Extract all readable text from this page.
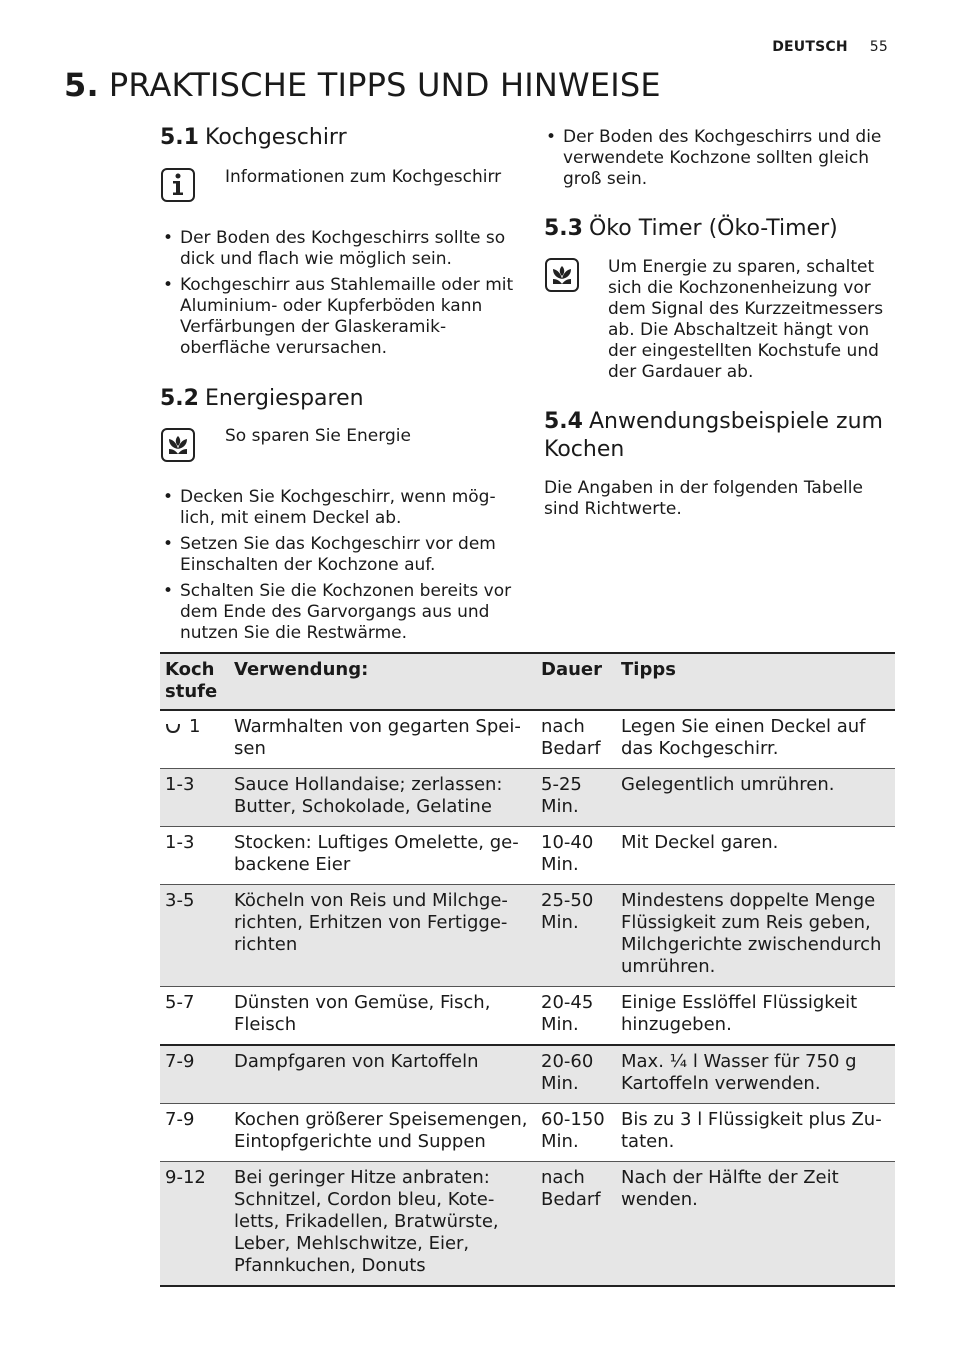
DEUTSCH 55
5. PRAKTISCHE TIPPS UND HINWEISE
5.1 Kochgeschirr
Informationen zum Kochgeschirr
• Der Boden des Kochgeschirrs sollte so dick und flach wie möglich sein.
• Kochgeschirr aus Stahlemaille oder mit Aluminium- oder Kupferböden kann Verfärbungen der Glaskeramikoberfläche verursachen.
5.2 Energiesparen
So sparen Sie Energie
• Decken Sie Kochgeschirr, wenn möglich, mit einem Deckel ab.
• Setzen Sie das Kochgeschirr vor dem Einschalten der Kochzone auf.
• Schalten Sie die Kochzonen bereits vor dem Ende des Garvorgangs aus und nutzen Sie die Restwärme.
• Der Boden des Kochgeschirrs und die verwendete Kochzone sollten gleich groß sein.
5.3 Öko Timer (Öko-Timer)
Um Energie zu sparen, schaltet sich die Kochzonenheizung vor dem Signal des Kurzzeitmessers ab. Die Abschaltzeit hängt von der eingestellten Kochstufe und der Gardauer ab.
5.4 Anwendungsbeispiele zum Kochen
Die Angaben in der folgenden Tabelle sind Richtwerte.
Koch stufe	Verwendung:	Dauer	Tipps
1	Warmhalten von gegarten Speisen	nach Bedarf	Legen Sie einen Deckel auf das Kochgeschirr.
1-3	Sauce Hollandaise; zerlassen: Butter, Schokolade, Gelatine	5-25 Min.	Gelegentlich umrühren.
1-3	Stocken: Luftiges Omelette, gebackene Eier	10-40 Min.	Mit Deckel garen.
3-5	Köcheln von Reis und Milchgerichten, Erhitzen von Fertiggerichten	25-50 Min.	Mindestens doppelte Menge Flüssigkeit zum Reis geben, Milchgerichte zwischendurch umrühren.
5-7	Dünsten von Gemüse, Fisch, Fleisch	20-45 Min.	Einige Esslöffel Flüssigkeit hinzugeben.
7-9	Dampfgaren von Kartoffeln	20-60 Min.	Max. ¼ l Wasser für 750 g Kartoffeln verwenden.
7-9	Kochen größerer Speisemengen, Eintopfgerichte und Suppen	60-150 Min.	Bis zu 3 l Flüssigkeit plus Zutaten.
9-12	Bei geringer Hitze anbraten: Schnitzel, Cordon bleu, Koteletts, Frikadellen, Bratwürste, Leber, Mehlschwitze, Eier, Pfannkuchen, Donuts	nach Bedarf	Nach der Hälfte der Zeit wenden.
